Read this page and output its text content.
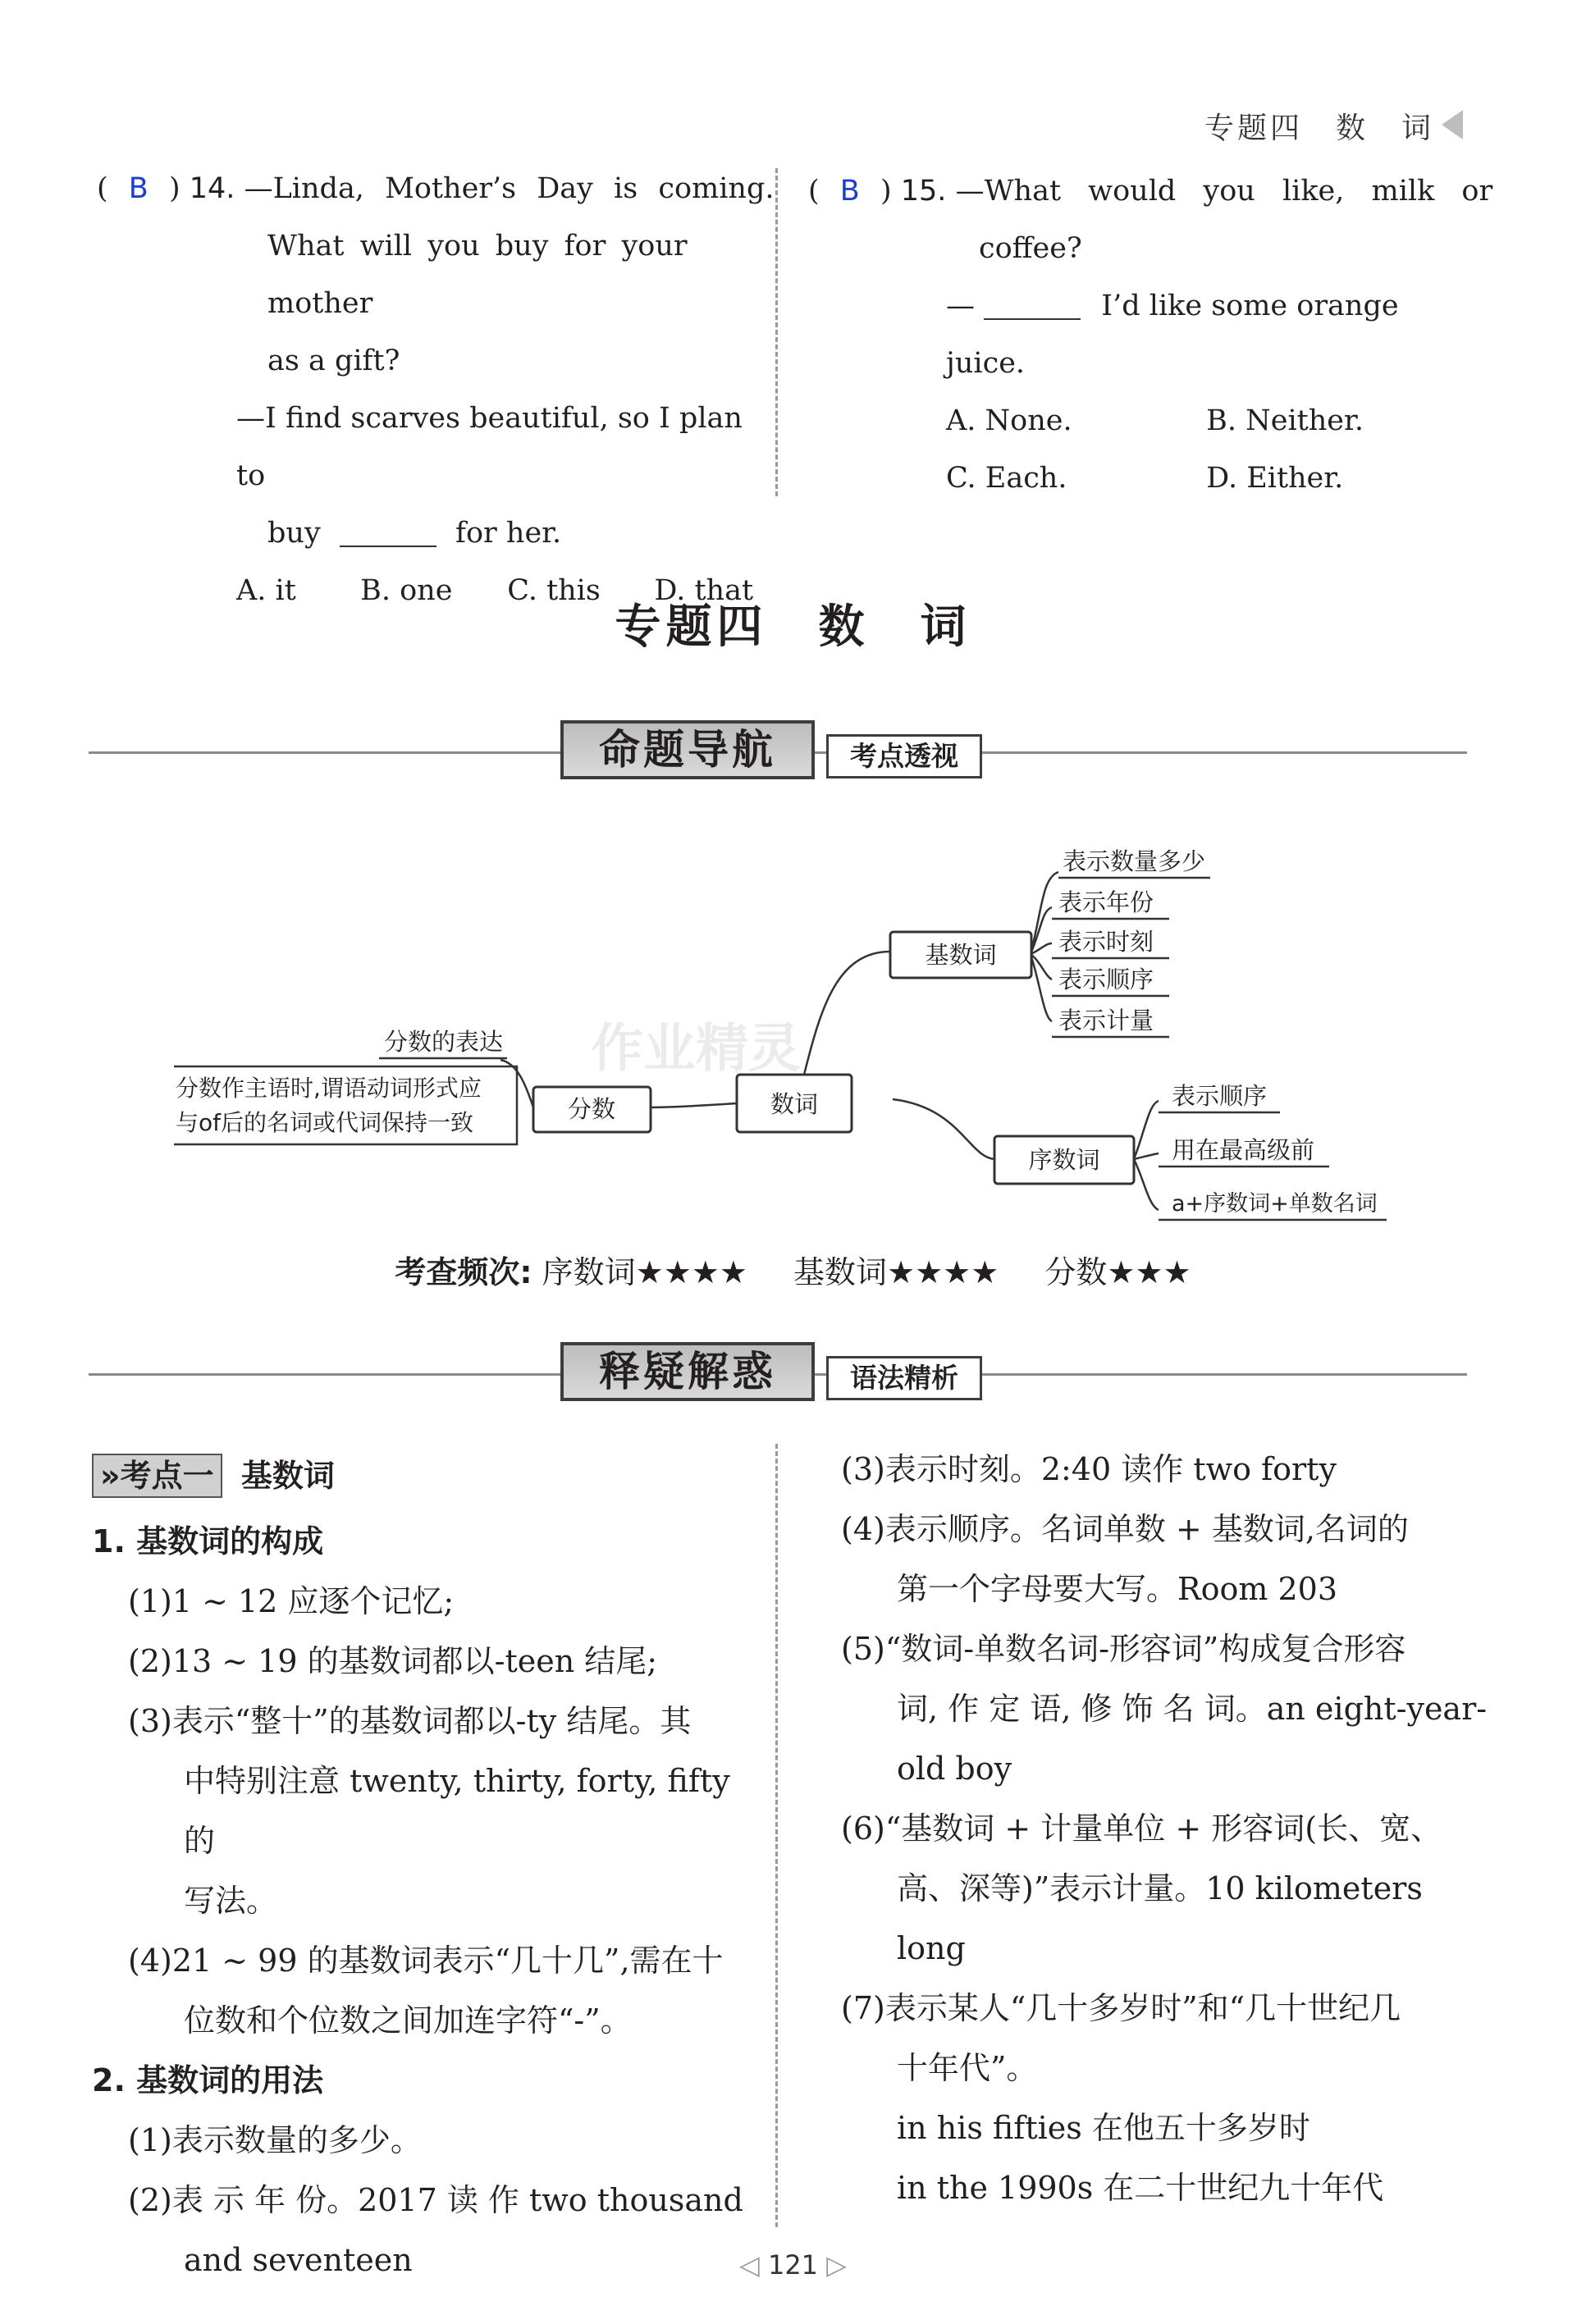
专题四　数　词
( B ) 14. —Linda, Mother’s Day is coming.
What will you buy for your mother
as a gift?
—I find scarves beautiful, so I plan to
buy	for her.
A. it B. one C. this D. that
( B ) 15. —What would you like, milk or
coffee?
—	I’d like some orange juice.
A. None.	B. Neither.
C. Each.	D. Either.
专题四　数　词
命题导航	考点透视
数词
基数词
序数词
分数
表示数量多少
表示年份
表示时刻
表示顺序
表示计量
表示顺序
用在最高级前
a+序数词+单数名词
分数的表达
分数作主语时,谓语动词形式应
与of后的名词或代词保持一致
作业精灵
考查频次: 序数词★★★★ 基数词★★★★ 分数★★★
释疑解惑	语法精析
»考点一 基数词
1. 基数词的构成
(1)1 ~ 12 应逐个记忆;
(2)13 ~ 19 的基数词都以-teen 结尾;
(3)表示“整十”的基数词都以-ty 结尾。其
中特别注意 twenty, thirty, forty, fifty 的
写法。
(4)21 ~ 99 的基数词表示“几十几”,需在十
位数和个位数之间加连字符“-”。
2. 基数词的用法
(1)表示数量的多少。
(2)表 示 年 份。2017 读 作 two thousand
and seventeen
(3)表示时刻。2:40 读作 two forty
(4)表示顺序。名词单数 + 基数词,名词的
第一个字母要大写。Room 203
(5)“数词-单数名词-形容词”构成复合形容
词, 作 定 语, 修 饰 名 词。an eight-year-
old boy
(6)“基数词 + 计量单位 + 形容词(长、宽、
高、深等)”表示计量。10 kilometers long
(7)表示某人“几十多岁时”和“几十世纪几
十年代”。
in his fifties 在他五十多岁时
in the 1990s 在二十世纪九十年代
◁ 121 ▷
